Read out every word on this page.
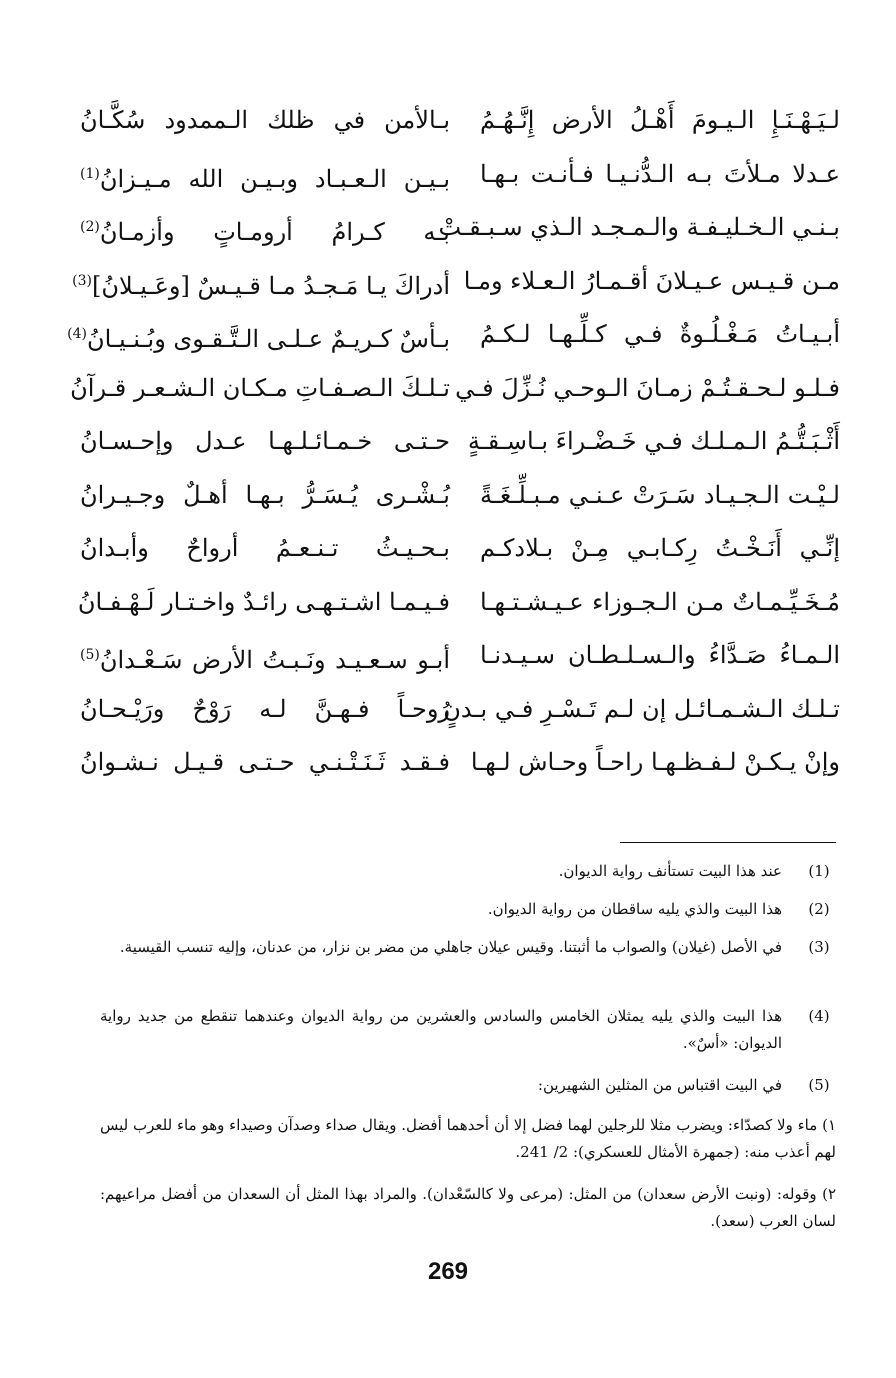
لـيَـهْـنَـإِ الـيـومَ أَهْـلُ الأرض إِنَّـهُـمُ
بـالأمن في ظلك الـممدود سُكَّـانُ
عـدلا مـلأتَ بـه الـدُّنـيـا فـأنـت بـهـا
بـيـن الـعـبـاد وبـيـن الله مـيـزانُ$^{(1)}$
بـنـي الـخـليـفـة والـمـجـد الـذي سـبـقـتْ
بـه كـرامُ أرومـاتٍ وأزمـانُ$^{(2)}$
مـن قـيـس عـيـلانَ أقـمـارُ الـعـلاء ومـا
أدراكَ يـا مَـجـدُ مـا قـيـسٌ [وعَـيـلانُ]$^{(3)}$
أبـيـاتُ مَـغْـلُـوةٌ فـي كـلِّـهـا لـكـمُ
بـأسٌ كـريـمٌ عـلـى الـتَّـقـوى وبُـنـيـانُ$^{(4)}$
فـلـو لـحـقـتُـمْ زمـانَ الـوحـي نُـزِّلَ فـي
تـلـكَ الـصـفـاتِ مـكـان الـشـعـر قـرآنُ
أَثْـبَـتُّـمُ الـمـلـك فـي خَـضْـراءَ بـاسِـقـةٍ
حـتـى خـمـائـلـهـا عـدل وإحـسـانُ
لـيْـت الـجـيـاد سَـرَتْ عـنـي مـبـلِّـغَـةً
بُـشْـرى يُـسَـرُّ بـهـا أهـلٌ وجـيـرانُ
إنِّـي أَنَـخْـتُ رِكـابـي مِـنْ بـلادكـم
بـحـيـثُ تـنـعـمُ أرواحٌ وأبـدانُ
مُـخَـيِّـمـاتٌ مـن الـجـوزاء عـيـشـتـهـا
فـيـمـا اشـتـهـى رائـدٌ واخـتـار لَـهْـفـانُ
الـمـاءُ صَـدَّاءُ والـسـلـطـان سـيـدنـا
أبـو سـعـيـد ونَـبـتُ الأرض سَـعْـدانُ$^{(5)}$
تـلـك الـشـمـائـل إن لـم تَـسْـرِ فـي بـدنٍ
رُوحـاً فـهـنَّ لـه رَوْحٌ ورَيْـحـانُ
وإنْ يـكـنْ لـفـظـهـا راحـاً وحـاش لـهـا
فـقـد ثَـنَـتْـنـي حـتـى قـيـل نـشـوانُ
(1)
عند هذا البيت تستأنف رواية الديوان.
(2)
هذا البيت والذي يليه ساقطان من رواية الديوان.
(3)
في الأصل (غيلان) والصواب ما أثبتنا. وقيس عيلان جاهلي من مضر بن نزار، من عدنان، وإليه تنسب القيسية.
(4)
هذا البيت والذي يليه يمثلان الخامس والسادس والعشرين من رواية الديوان وعندهما تنقطع من جديد رواية الديوان: «أسٌ».
(5)
في البيت اقتباس من المثلين الشهيرين:
١) ماء ولا كصدّاء: ويضرب مثلا للرجلين لهما فضل إلا أن أحدهما أفضل. ويقال صداء وصدآن وصيداء وهو ماء للعرب ليس لهم أعذب منه: (جمهرة الأمثال للعسكري): 2/ 241.
٢) وقوله: (ونبت الأرض سعدان) من المثل: (مرعى ولا كالسّعْدان). والمراد بهذا المثل أن السعدان من أفضل مراعيهم: لسان العرب (سعد).
269
